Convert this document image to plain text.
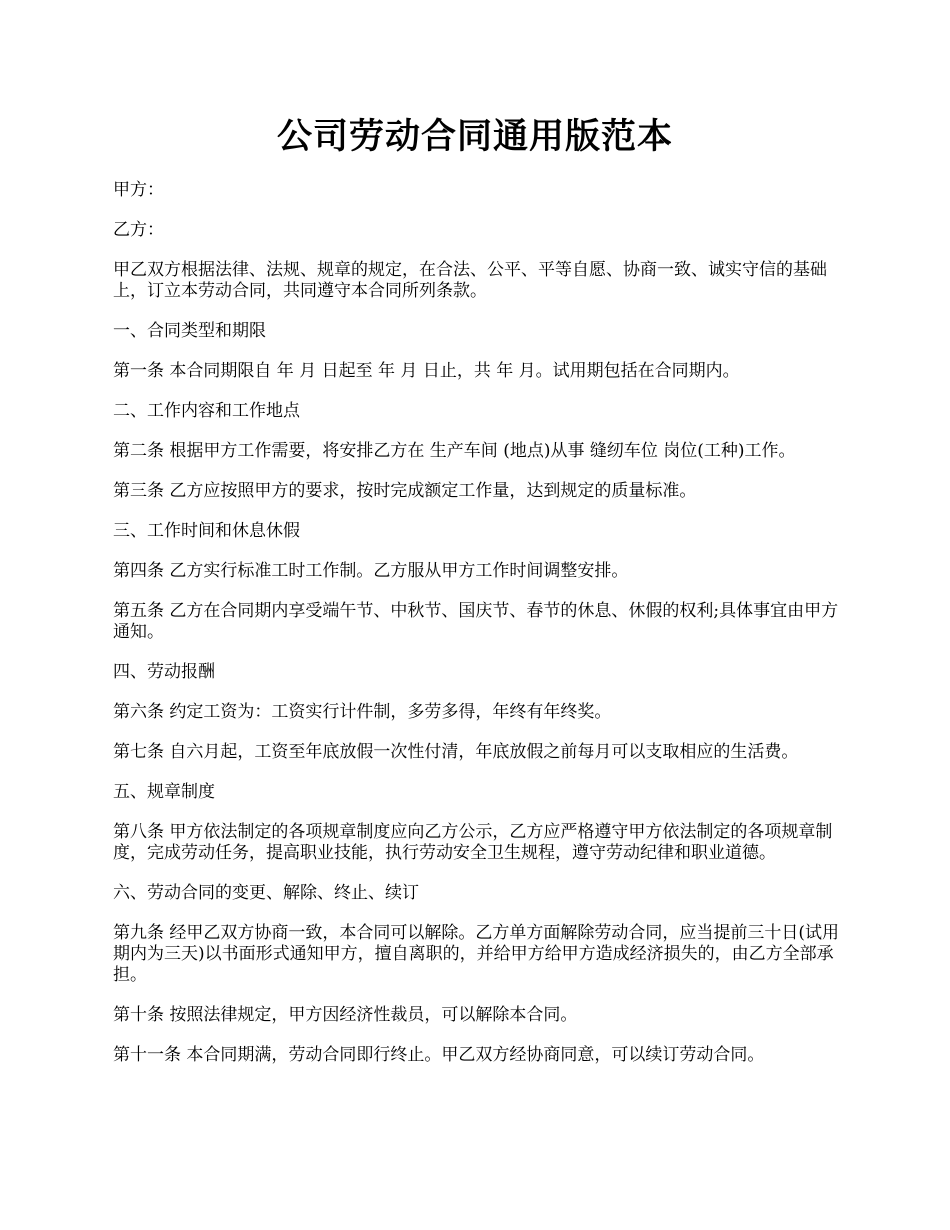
公司劳动合同通用版范本

甲方：

乙方：

甲乙双方根据法律、法规、规章的规定，在合法、公平、平等自愿、协商一致、诚实守信的基础上，订立本劳动合同，共同遵守本合同所列条款。

一、合同类型和期限

第一条 本合同期限自 年 月 日起至 年 月 日止，共 年 月。试用期包括在合同期内。

二、工作内容和工作地点

第二条 根据甲方工作需要，将安排乙方在 生产车间 (地点)从事 缝纫车位 岗位(工种)工作。

第三条 乙方应按照甲方的要求，按时完成额定工作量，达到规定的质量标准。

三、工作时间和休息休假

第四条 乙方实行标准工时工作制。乙方服从甲方工作时间调整安排。

第五条 乙方在合同期内享受端午节、中秋节、国庆节、春节的休息、休假的权利;具体事宜由甲方通知。

四、劳动报酬

第六条 约定工资为：工资实行计件制，多劳多得，年终有年终奖。

第七条 自六月起，工资至年底放假一次性付清，年底放假之前每月可以支取相应的生活费。

五、规章制度

第八条 甲方依法制定的各项规章制度应向乙方公示，乙方应严格遵守甲方依法制定的各项规章制度，完成劳动任务，提高职业技能，执行劳动安全卫生规程，遵守劳动纪律和职业道德。

六、劳动合同的变更、解除、终止、续订

第九条 经甲乙双方协商一致，本合同可以解除。乙方单方面解除劳动合同，应当提前三十日(试用期内为三天)以书面形式通知甲方，擅自离职的，并给甲方给甲方造成经济损失的，由乙方全部承担。

第十条 按照法律规定，甲方因经济性裁员，可以解除本合同。

第十一条 本合同期满，劳动合同即行终止。甲乙双方经协商同意，可以续订劳动合同。
